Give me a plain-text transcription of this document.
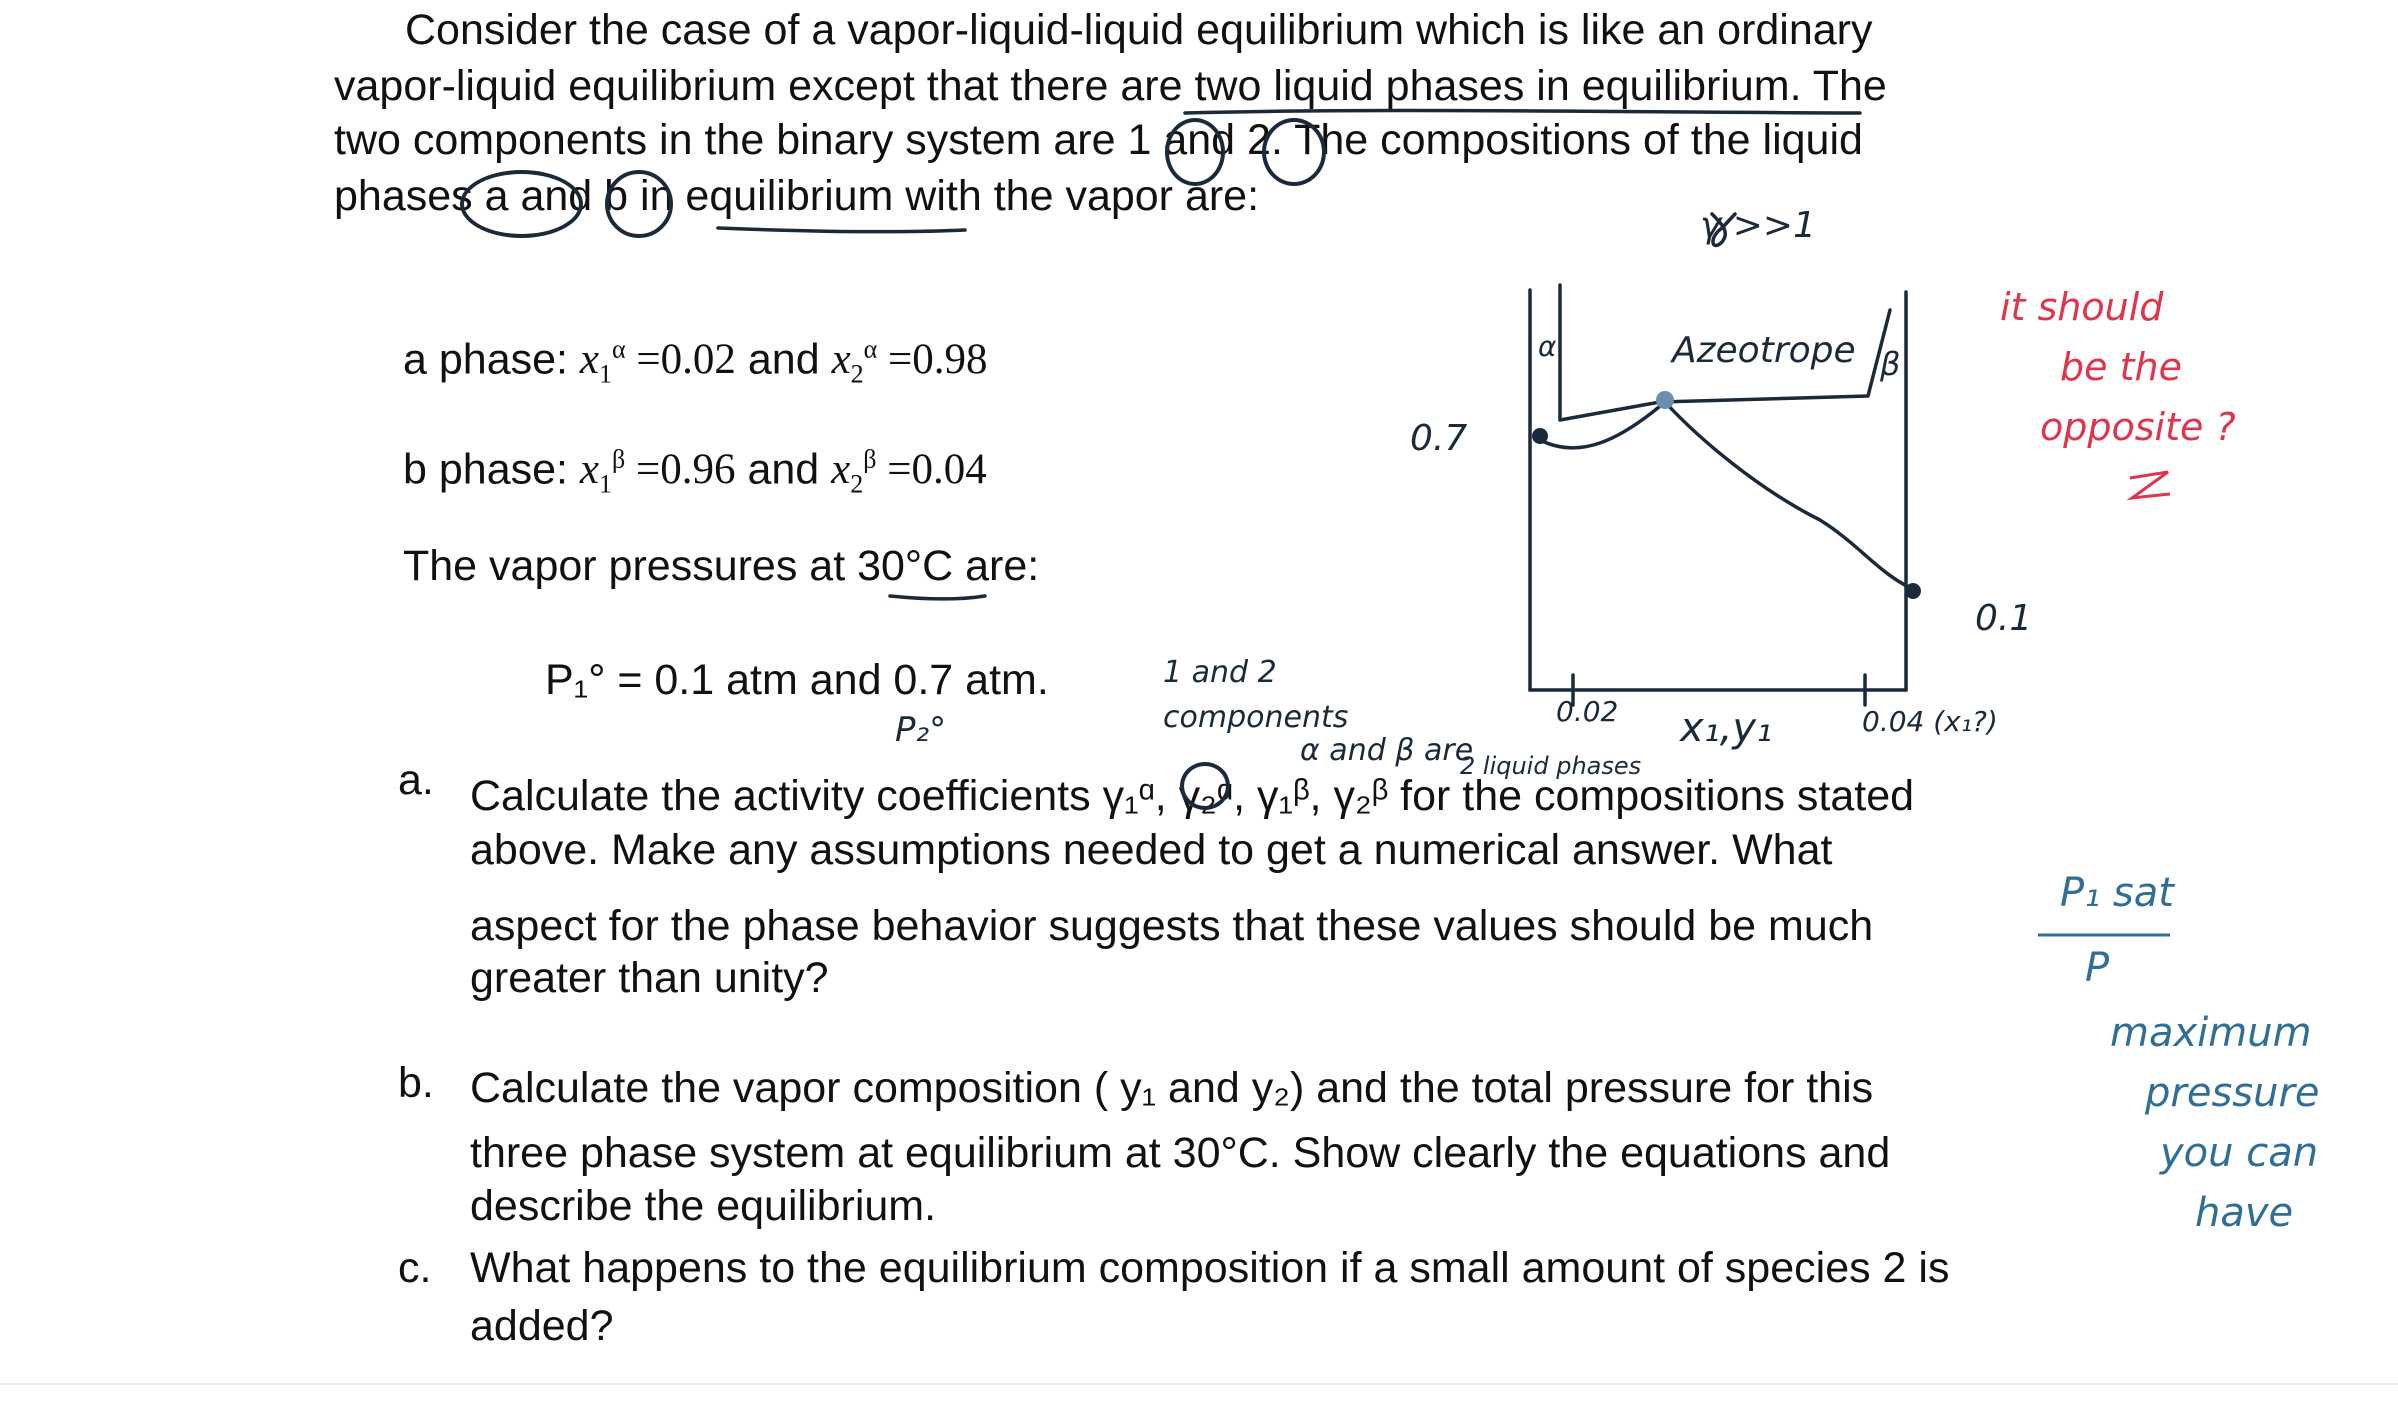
Consider the case of a vapor-liquid-liquid equilibrium which is like an ordinary
vapor-liquid equilibrium except that there are two liquid phases in equilibrium. The
two components in the binary system are 1 and 2. The compositions of the liquid
phases a and b in equilibrium with the vapor are:
a phase: $x_1^\alpha =0.02$ and $x_2^\alpha =0.98$
b phase: $x_1^\beta =0.96$ and $x_2^\beta =0.04$
The vapor pressures at 30°C are:
P₁° = 0.1 atm and 0.7 atm.
a. Calculate the activity coefficients γ₁ᵅ, γ₂ᵅ, γ₁ᵝ, γ₂ᵝ for the compositions stated
above. Make any assumptions needed to get a numerical answer. What
aspect for the phase behavior suggests that these values should be much
greater than unity?
b. Calculate the vapor composition ( y₁ and y₂) and the total pressure for this
three phase system at equilibrium at 30°C. Show clearly the equations and
describe the equilibrium.
c. What happens to the equilibrium composition if a small amount of species 2 is
added?
γ >>1
Azeotrope
α	β
0.7
0.1
0.02 x₁,y₁	0.04 (x₁?)
P₂°
1 and 2
components
α and β are
2 liquid phases
it should
be the
opposite ?
2
P₁ sat
P
maximum
pressure
you can
have
